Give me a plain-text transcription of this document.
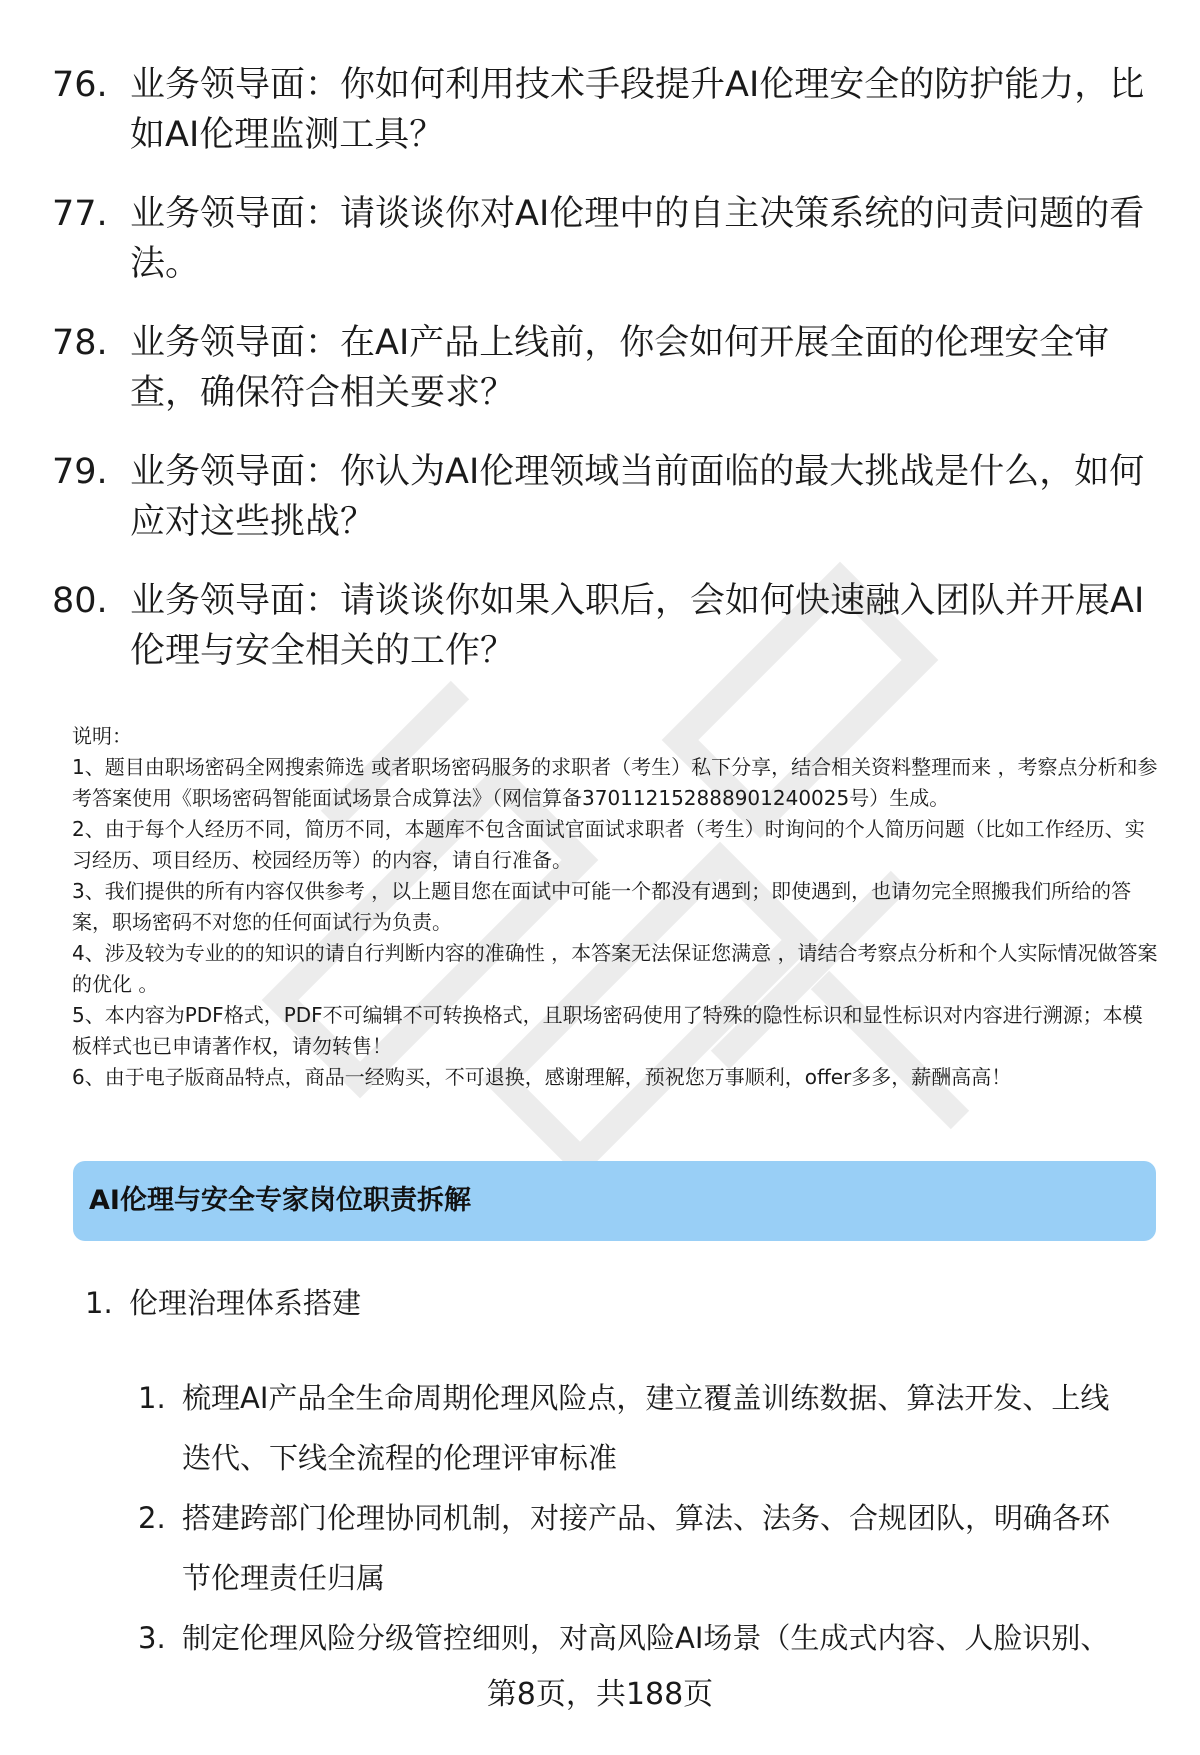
76. 业务领导面：你如何利用技术手段提升AI伦理安全的防护能力，比如AI伦理监测工具？
77. 业务领导面：请谈谈你对AI伦理中的自主决策系统的问责问题的看法。
78. 业务领导面：在AI产品上线前，你会如何开展全面的伦理安全审查，确保符合相关要求？
79. 业务领导面：你认为AI伦理领域当前面临的最大挑战是什么，如何应对这些挑战？
80. 业务领导面：请谈谈你如果入职后，会如何快速融入团队并开展AI伦理与安全相关的工作？

说明：

1、题目由职场密码全网搜索筛选 或者职场密码服务的求职者（考生）私下分享，结合相关资料整理而来 ，考察点分析和参考答案使用《职场密码智能面试场景合成算法》（网信算备370112152888901240025号）生成。

2、由于每个人经历不同，简历不同，本题库不包含面试官面试求职者（考生）时询问的个人简历问题（比如工作经历、实习经历、项目经历、校园经历等）的内容，请自行准备。

3、我们提供的所有内容仅供参考 ，以上题目您在面试中可能一个都没有遇到；即使遇到，也请勿完全照搬我们所给的答案，职场密码不对您的任何面试行为负责。

4、涉及较为专业的的知识的请自行判断内容的准确性 ，本答案无法保证您满意 ，请结合考察点分析和个人实际情况做答案的优化 。

5、本内容为PDF格式，PDF不可编辑不可转换格式，且职场密码使用了特殊的隐性标识和显性标识对内容进行溯源；本模板样式也已申请著作权，请勿转售！

6、由于电子版商品特点，商品一经购买，不可退换，感谢理解，预祝您万事顺利，offer多多，薪酬高高！

AI伦理与安全专家岗位职责拆解
1. 伦理治理体系搭建
1. 梳理AI产品全生命周期伦理风险点，建立覆盖训练数据、算法开发、上线迭代、下线全流程的伦理评审标准
2. 搭建跨部门伦理协同机制，对接产品、算法、法务、合规团队，明确各环节伦理责任归属
3. 制定伦理风险分级管控细则，对高风险AI场景（生成式内容、人脸识别、
第8页，共188页
